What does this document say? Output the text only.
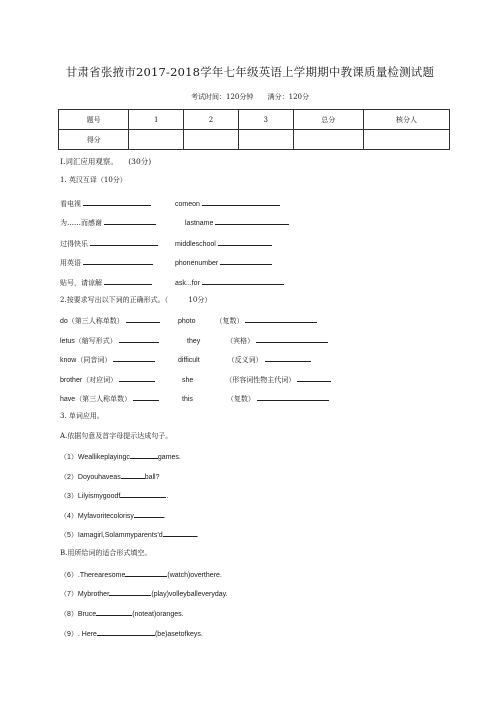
甘肃省张掖市2017-2018学年七年级英语上学期期中教课质量检测试题
考试时间：120分钟 满分：120分
题号	1	2	3	总分	核分人
得分					
Ⅰ.词汇应用观察。 (30分)
1. 英汉互译（10分）
看电视	comeon
为……而感谢	lastname
过得快乐	middleschool
用英语	phonenumber
贴号，请谅解	ask...for
2.按要求写出以下词的正确形式。（	10分）
do（第三人称单数）	photo	（复数）
letus（缩写形式）	they	（宾格）
know（同音词）	difficult	（反义词）
brother（对应词）	she	（形容词性物主代词）
have（第三人称单数）	this	（复数）
3. 单词应用。
A.依据句意及首字母提示达成句子。
（1）Weallikeplayingc	games.
（2）Doyouhaveas	ball?
（3）Lilyismygoodf	.
（4）Myfavoritecolorisy	.
（5）Iamagirl,Solammyparents’d	.
B.用所给词的适合形式填空。
（6）.Therearesome	(watch)overthere.
（7）Mybrother	(play)volleyballeveryday.
（8）Bruce	(noteat)oranges.
（9）. Here	(be)asetofkeys.
